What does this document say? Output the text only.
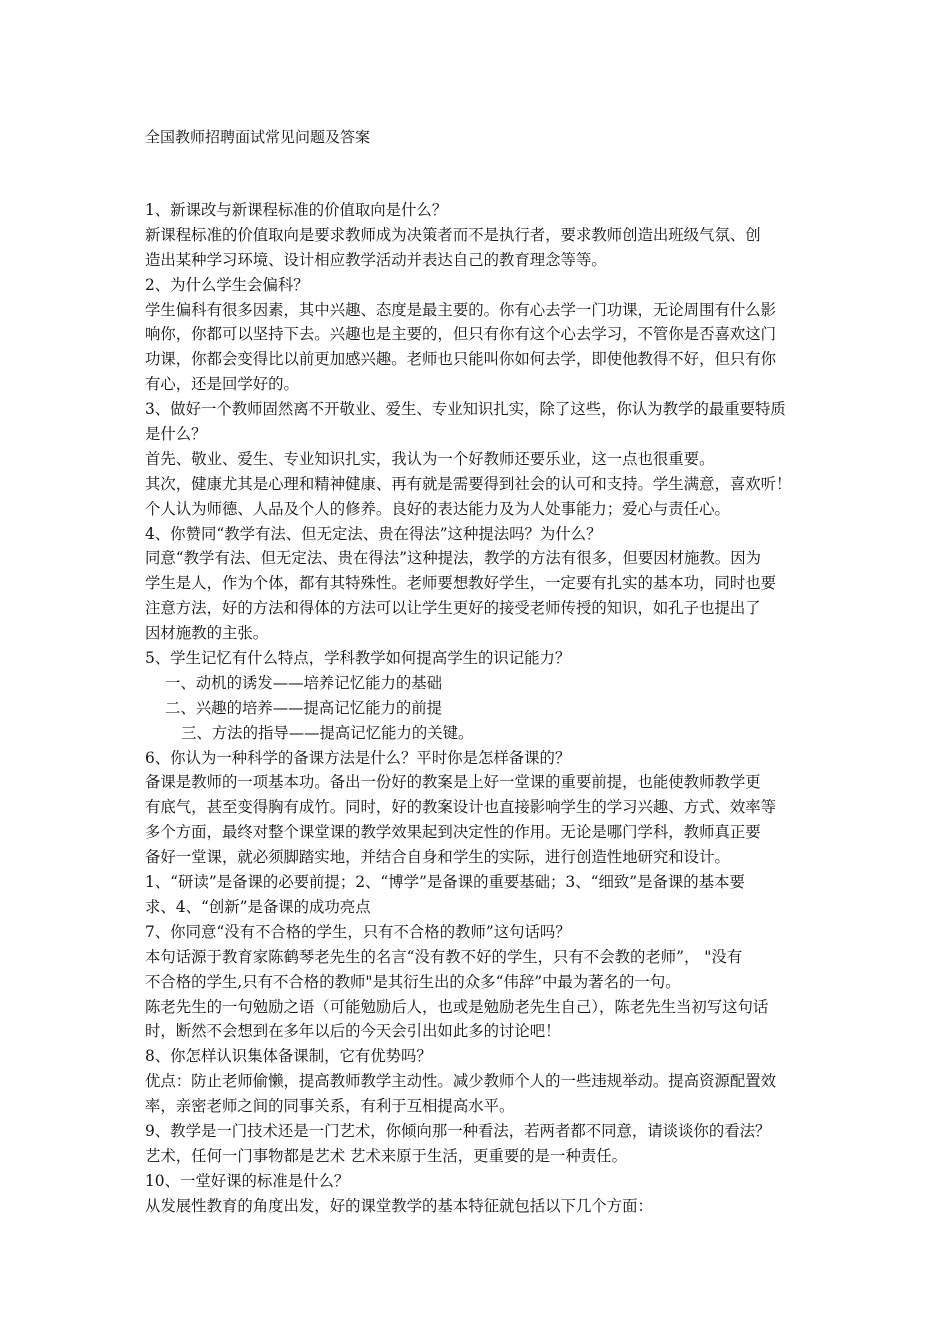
全国教师招聘面试常见问题及答案
1、新课改与新课程标准的价值取向是什么？
新课程标准的价值取向是要求教师成为决策者而不是执行者，要求教师创造出班级气氛、创
造出某种学习环境、设计相应教学活动并表达自己的教育理念等等。
2、为什么学生会偏科？
学生偏科有很多因素，其中兴趣、态度是最主要的。你有心去学一门功课，无论周围有什么影
响你，你都可以坚持下去。兴趣也是主要的，但只有你有这个心去学习，不管你是否喜欢这门
功课，你都会变得比以前更加感兴趣。老师也只能叫你如何去学，即使他教得不好，但只有你
有心，还是回学好的。
3、做好一个教师固然离不开敬业、爱生、专业知识扎实，除了这些，你认为教学的最重要特质
是什么？
首先、敬业、爱生、专业知识扎实，我认为一个好教师还要乐业，这一点也很重要。
其次，健康尤其是心理和精神健康、再有就是需要得到社会的认可和支持。学生满意，喜欢听！
个人认为师德、人品及个人的修养。良好的表达能力及为人处事能力；爱心与责任心。
4、你赞同“教学有法、但无定法、贵在得法”这种提法吗？为什么？
同意“教学有法、但无定法、贵在得法”这种提法，教学的方法有很多，但要因材施教。因为
学生是人，作为个体，都有其特殊性。老师要想教好学生，一定要有扎实的基本功，同时也要
注意方法，好的方法和得体的方法可以让学生更好的接受老师传授的知识，如孔子也提出了
因材施教的主张。
5、学生记忆有什么特点，学科教学如何提高学生的识记能力？
一、动机的诱发——培养记忆能力的基础
二、兴趣的培养——提高记忆能力的前提
三、方法的指导——提高记忆能力的关键。
6、你认为一种科学的备课方法是什么？平时你是怎样备课的？
备课是教师的一项基本功。备出一份好的教案是上好一堂课的重要前提，也能使教师教学更
有底气，甚至变得胸有成竹。同时，好的教案设计也直接影响学生的学习兴趣、方式、效率等
多个方面，最终对整个课堂课的教学效果起到决定性的作用。无论是哪门学科，教师真正要
备好一堂课，就必须脚踏实地，并结合自身和学生的实际，进行创造性地研究和设计。
1、“研读”是备课的必要前提；2、“博学”是备课的重要基础；3、“细致”是备课的基本要
求、4、“创新”是备课的成功亮点
7、你同意“没有不合格的学生，只有不合格的教师”这句话吗？
本句话源于教育家陈鹤琴老先生的名言“没有教不好的学生，只有不会教的老师”， "没有
不合格的学生,只有不合格的教师"是其衍生出的众多“伟辞”中最为著名的一句。
陈老先生的一句勉励之语（可能勉励后人，也或是勉励老先生自己），陈老先生当初写这句话
时，断然不会想到在多年以后的今天会引出如此多的讨论吧！
8、你怎样认识集体备课制，它有优势吗？
优点：防止老师偷懒，提高教师教学主动性。减少教师个人的一些违规举动。提高资源配置效
率，亲密老师之间的同事关系，有利于互相提高水平。
9、教学是一门技术还是一门艺术，你倾向那一种看法，若两者都不同意，请谈谈你的看法？
艺术，任何一门事物都是艺术 艺术来原于生活，更重要的是一种责任。
10、一堂好课的标准是什么？
从发展性教育的角度出发，好的课堂教学的基本特征就包括以下几个方面：
